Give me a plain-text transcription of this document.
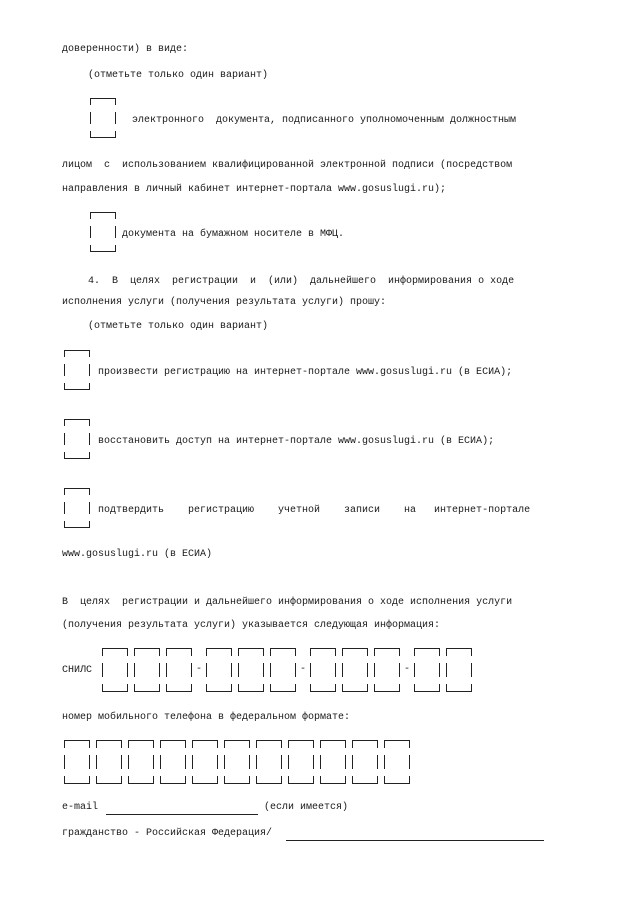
доверенности) в виде:
(отметьте только один вариант)
электронного  документа, подписанного уполномоченным должностным
лицом  с  использованием квалифицированной электронной подписи (посредством
направления в личный кабинет интернет-портала www.gosuslugi.ru);
документа на бумажном носителе в МФЦ.
4.  В  целях  регистрации  и  (или)  дальнейшего  информирования о ходе
исполнения услуги (получения результата услуги) прошу:
(отметьте только один вариант)
произвести регистрацию на интернет-портале www.gosuslugi.ru (в ЕСИА);
восстановить доступ на интернет-портале www.gosuslugi.ru (в ЕСИА);
подтвердить    регистрацию    учетной    записи    на   интернет-портале
www.gosuslugi.ru (в ЕСИА)
В  целях  регистрации и дальнейшего информирования о ходе исполнения услуги
(получения результата услуги) указывается следующая информация:
СНИЛС	-	-	-
номер мобильного телефона в федеральном формате:
e-mail	(если имеется)
гражданство - Российская Федерация/
